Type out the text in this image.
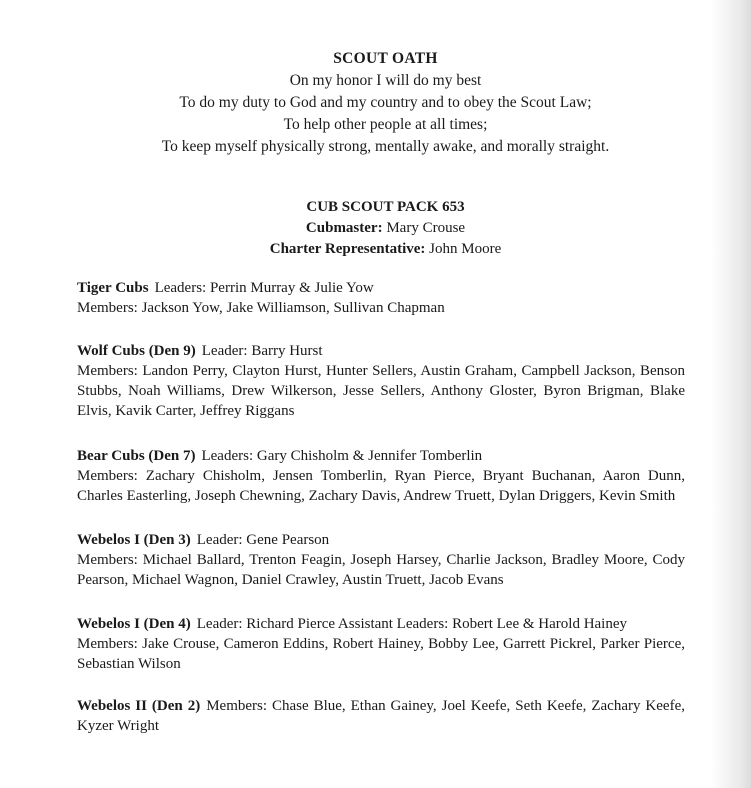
SCOUT OATH
On my honor I will do my best
To do my duty to God and my country and to obey the Scout Law;
To help other people at all times;
To keep myself physically strong, mentally awake, and morally straight.
CUB SCOUT PACK 653
Cubmaster: Mary Crouse
Charter Representative: John Moore

Tiger Cubs Leaders: Perrin Murray & Julie Yow

Members: Jackson Yow, Jake Williamson, Sullivan Chapman

Wolf Cubs (Den 9) Leader: Barry Hurst

Members: Landon Perry, Clayton Hurst, Hunter Sellers, Austin Graham, Campbell Jackson, Benson Stubbs, Noah Williams, Drew Wilkerson, Jesse Sellers, Anthony Gloster, Byron Brigman, Blake Elvis, Kavik Carter, Jeffrey Riggans

Bear Cubs (Den 7) Leaders: Gary Chisholm & Jennifer Tomberlin

Members: Zachary Chisholm, Jensen Tomberlin, Ryan Pierce, Bryant Buchanan, Aaron Dunn, Charles Easterling, Joseph Chewning, Zachary Davis, Andrew Truett, Dylan Driggers, Kevin Smith

Webelos I (Den 3) Leader: Gene Pearson

Members: Michael Ballard, Trenton Feagin, Joseph Harsey, Charlie Jackson, Bradley Moore, Cody Pearson, Michael Wagnon, Daniel Crawley, Austin Truett, Jacob Evans

Webelos I (Den 4) Leader: Richard Pierce Assistant Leaders: Robert Lee & Harold Hainey

Members: Jake Crouse, Cameron Eddins, Robert Hainey, Bobby Lee, Garrett Pickrel, Parker Pierce, Sebastian Wilson

Webelos II (Den 2) Members: Chase Blue, Ethan Gainey, Joel Keefe, Seth Keefe, Zachary Keefe, Kyzer Wright
